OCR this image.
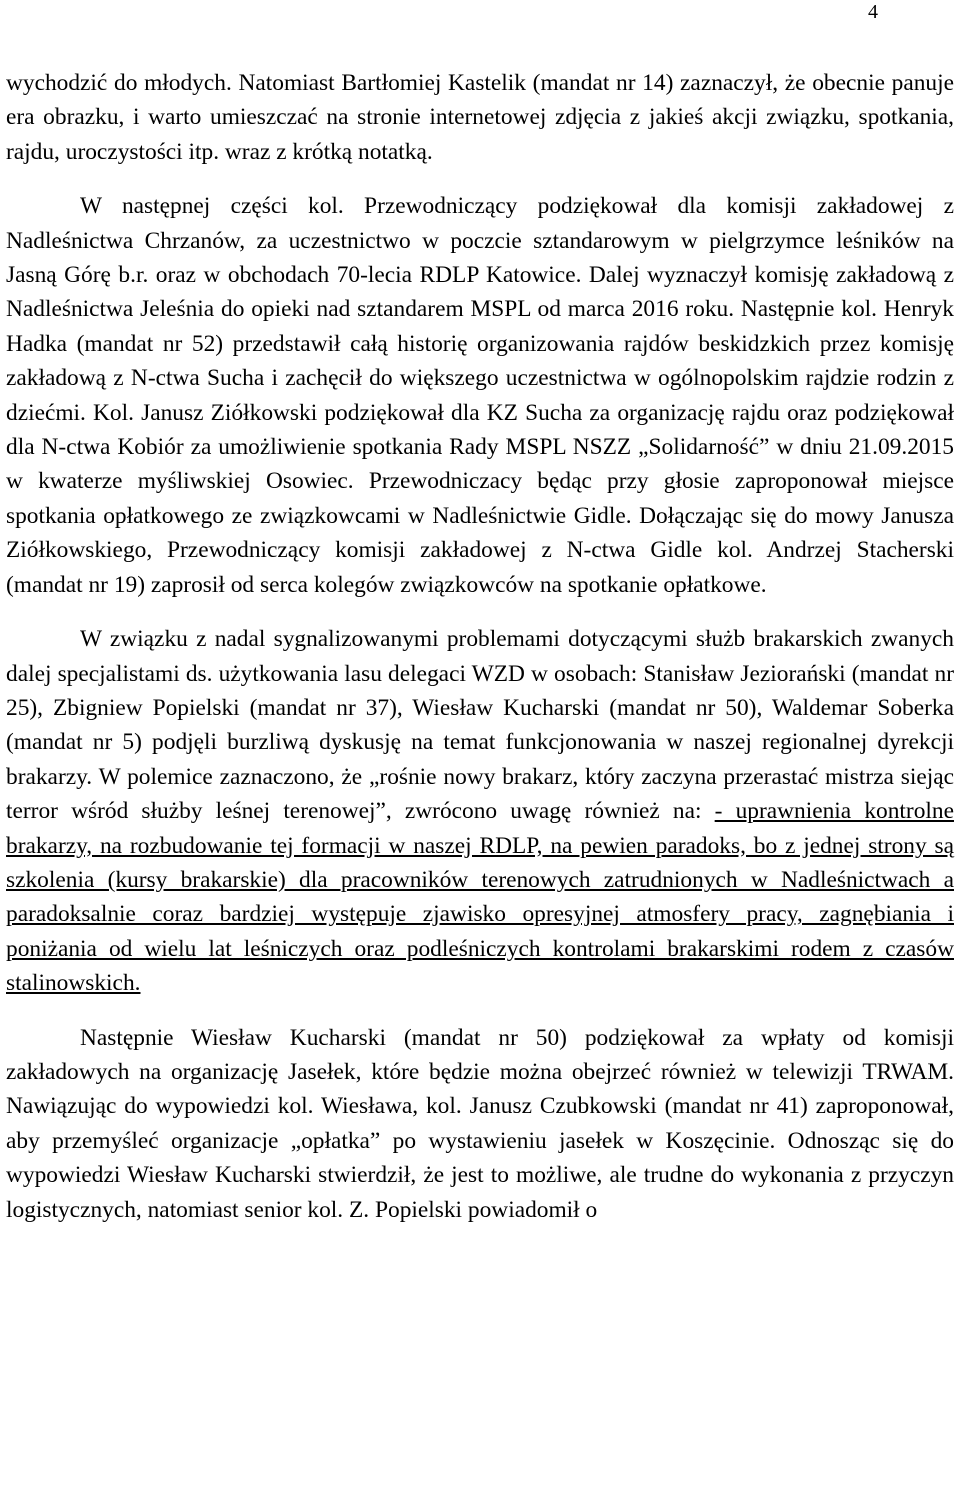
4

wychodzić do młodych. Natomiast Bartłomiej Kastelik (mandat nr 14) zaznaczył, że obecnie panuje era obrazku, i warto umieszczać na stronie internetowej zdjęcia z jakieś akcji związku, spotkania, rajdu, uroczystości itp. wraz z krótką notatką.

W następnej części kol. Przewodniczący podziękował dla komisji zakładowej z Nadleśnictwa Chrzanów, za uczestnictwo w poczcie sztandarowym w pielgrzymce leśników na Jasną Górę b.r. oraz w obchodach 70-lecia RDLP Katowice. Dalej wyznaczył komisję zakładową z Nadleśnictwa Jeleśnia do opieki nad sztandarem MSPL od marca 2016 roku. Następnie kol. Henryk Hadka (mandat nr 52) przedstawił całą historię organizowania rajdów beskidzkich przez komisję zakładową z N-ctwa Sucha i zachęcił do większego uczestnictwa w ogólnopolskim rajdzie rodzin z dziećmi. Kol. Janusz Ziółkowski podziękował dla KZ Sucha za organizację rajdu oraz podziękował dla N-ctwa Kobiór za umożliwienie spotkania Rady MSPL NSZZ „Solidarność” w dniu 21.09.2015 w kwaterze myśliwskiej Osowiec. Przewodniczacy będąc przy głosie zaproponował miejsce spotkania opłatkowego ze związkowcami w Nadleśnictwie Gidle. Dołączając się do mowy Janusza Ziółkowskiego, Przewodniczący komisji zakładowej z N-ctwa Gidle kol. Andrzej Stacherski (mandat nr 19) zaprosił od serca kolegów związkowców na spotkanie opłatkowe.

W związku z nadal sygnalizowanymi problemami dotyczącymi służb brakarskich zwanych dalej specjalistami ds. użytkowania lasu delegaci WZD w osobach: Stanisław Jeziorański (mandat nr 25), Zbigniew Popielski (mandat nr 37), Wiesław Kucharski (mandat nr 50), Waldemar Soberka (mandat nr 5) podjęli burzliwą dyskusję na temat funkcjonowania w naszej regionalnej dyrekcji brakarzy. W polemice zaznaczono, że „rośnie nowy brakarz, który zaczyna przerastać mistrza siejąc terror wśród służby leśnej terenowej”, zwrócono uwagę również na: - uprawnienia kontrolne brakarzy, na rozbudowanie tej formacji w naszej RDLP, na pewien paradoks, bo z jednej strony są szkolenia (kursy brakarskie) dla pracowników terenowych zatrudnionych w Nadleśnictwach a paradoksalnie coraz bardziej występuje zjawisko opresyjnej atmosfery pracy, zagnębiania i poniżania od wielu lat leśniczych oraz podleśniczych kontrolami brakarskimi rodem z czasów stalinowskich.

Następnie Wiesław Kucharski (mandat nr 50) podziękował za wpłaty od komisji zakładowych na organizację Jasełek, które będzie można obejrzeć również w telewizji TRWAM. Nawiązując do wypowiedzi kol. Wiesława, kol. Janusz Czubkowski (mandat nr 41) zaproponował, aby przemyśleć organizacje „opłatka” po wystawieniu jasełek w Koszęcinie. Odnosząc się do wypowiedzi Wiesław Kucharski stwierdził, że jest to możliwe, ale trudne do wykonania z przyczyn logistycznych, natomiast senior kol. Z. Popielski powiadomił o
